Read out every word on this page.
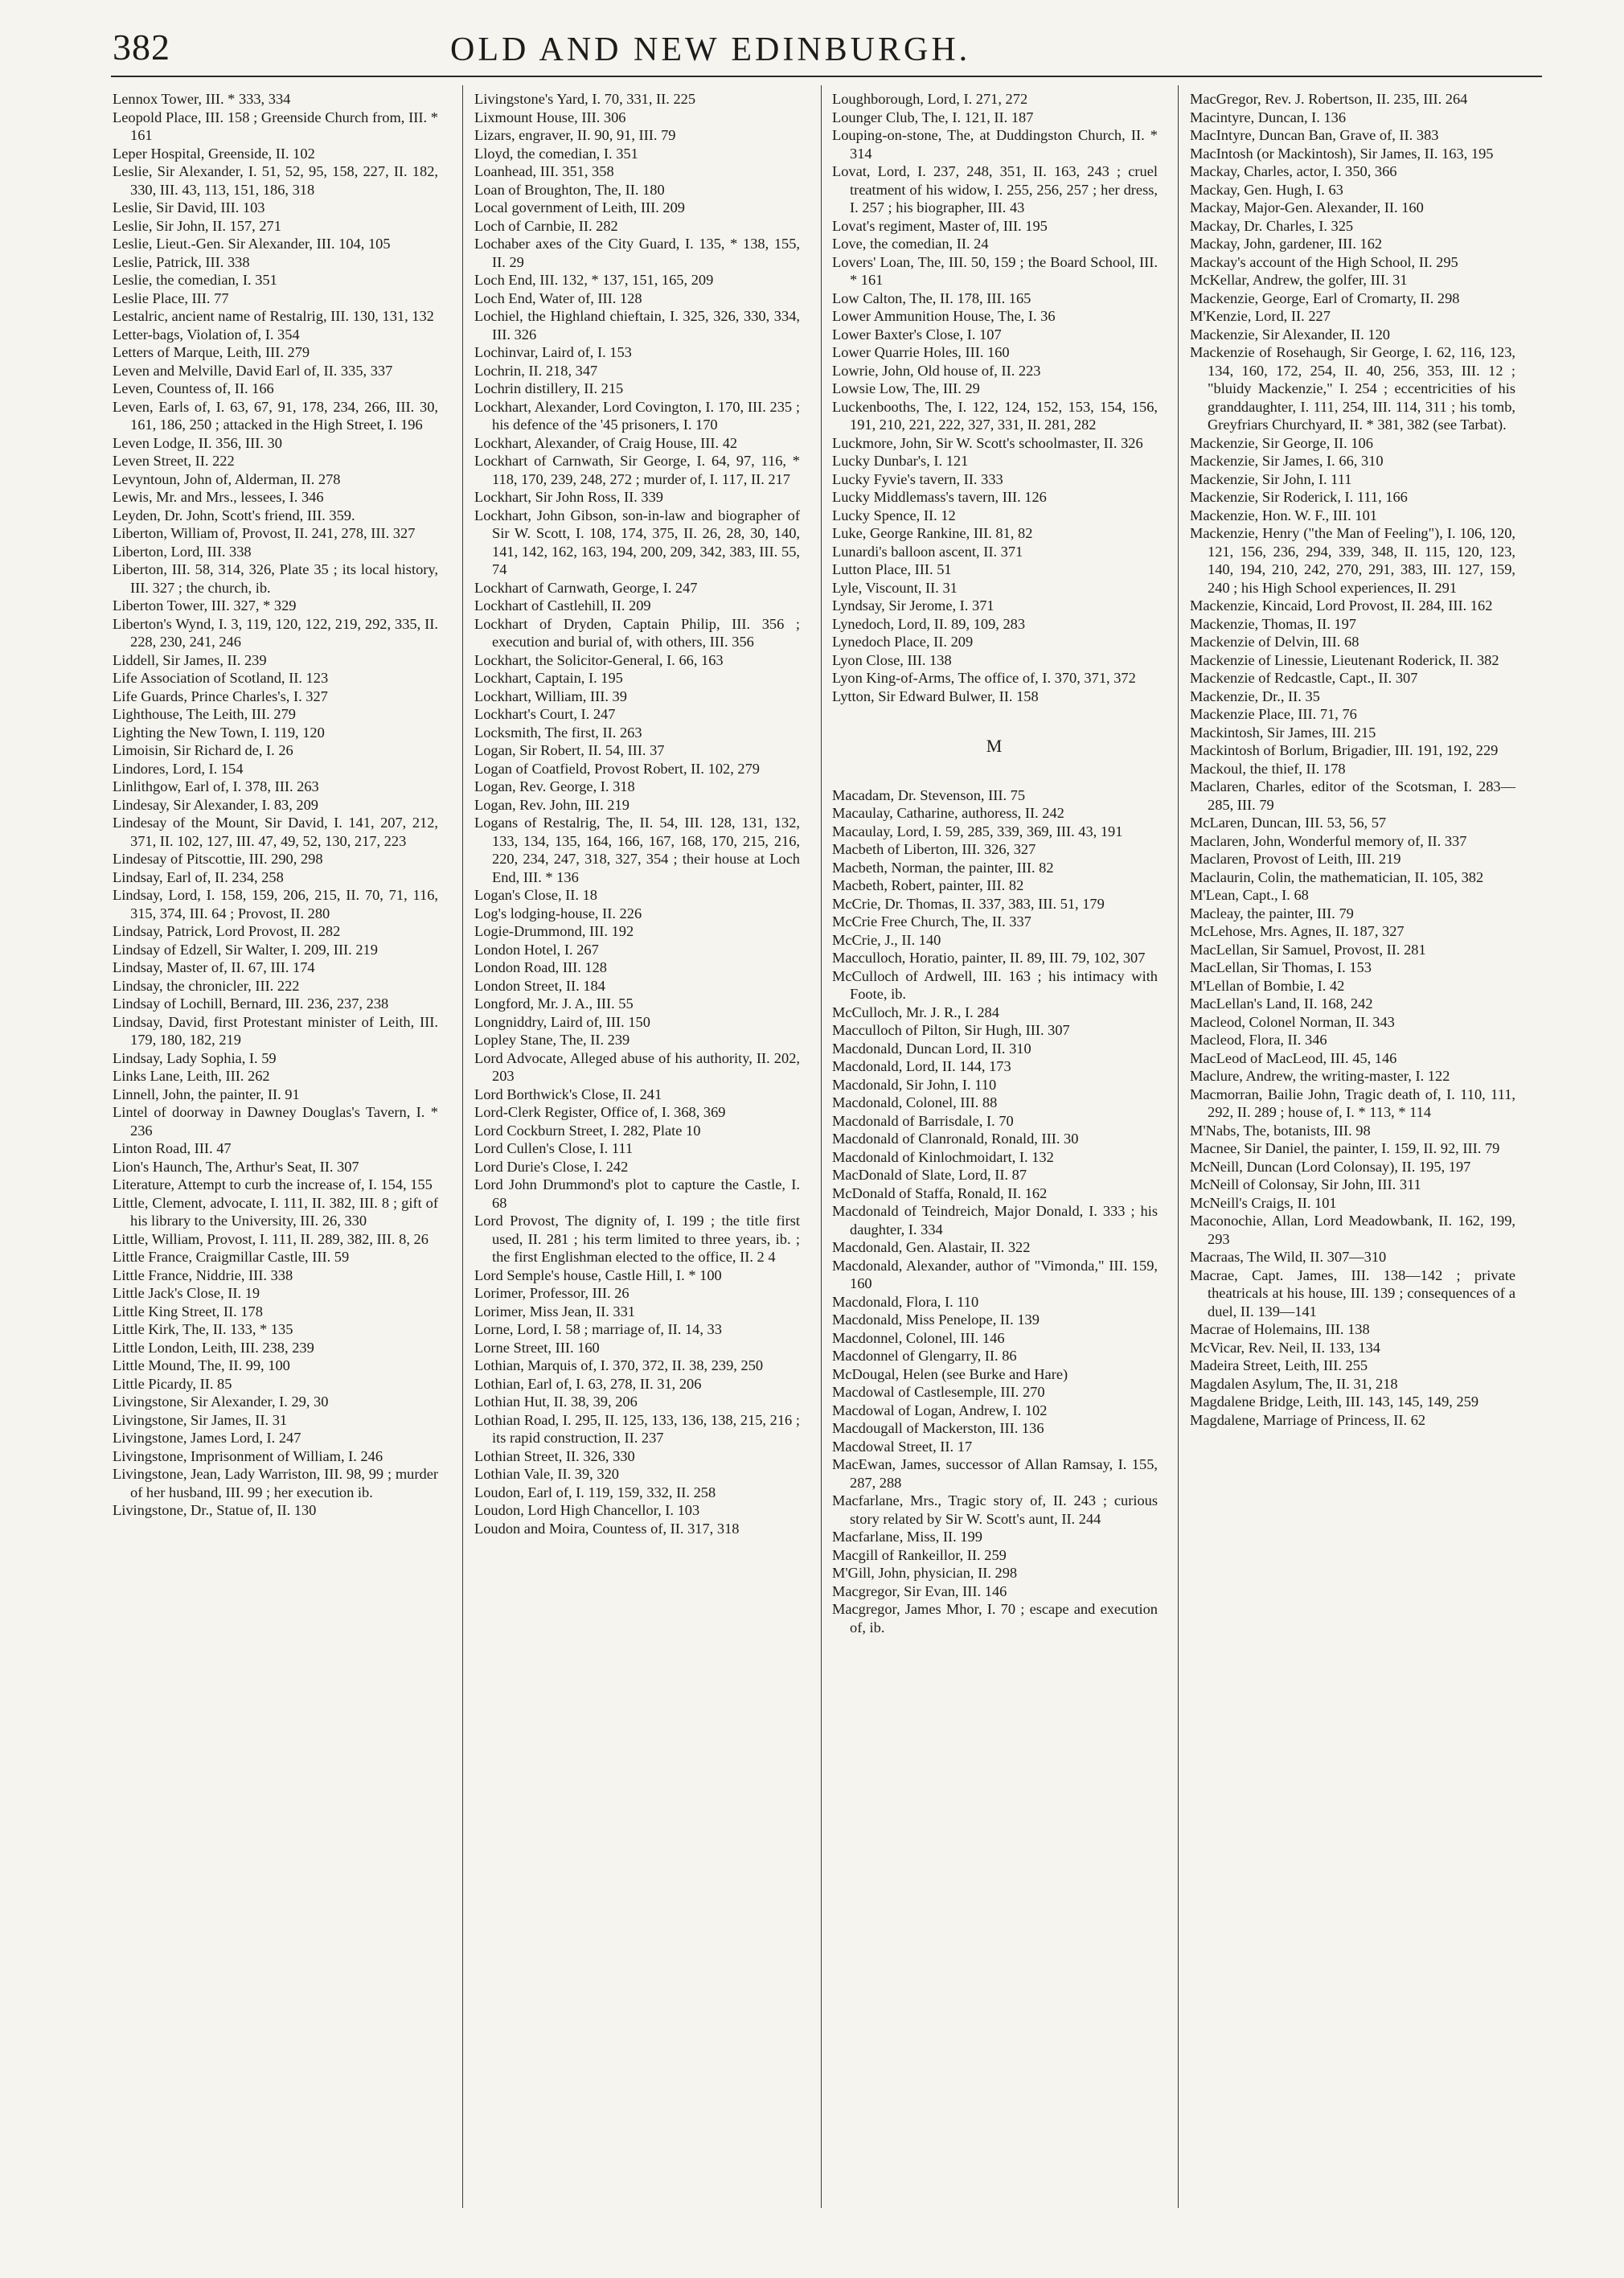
382	OLD AND NEW EDINBURGH.

Lennox Tower, III. * 333, 334

Leopold Place, III. 158 ; Greenside Church from, III. * 161

Leper Hospital, Greenside, II. 102

Leslie, Sir Alexander, I. 51, 52, 95, 158, 227, II. 182, 330, III. 43, 113, 151, 186, 318

Leslie, Sir David, III. 103

Leslie, Sir John, II. 157, 271

Leslie, Lieut.-Gen. Sir Alexander, III. 104, 105

Leslie, Patrick, III. 338

Leslie, the comedian, I. 351

Leslie Place, III. 77

Lestalric, ancient name of Restalrig, III. 130, 131, 132

Letter-bags, Violation of, I. 354

Letters of Marque, Leith, III. 279

Leven and Melville, David Earl of, II. 335, 337

Leven, Countess of, II. 166

Leven, Earls of, I. 63, 67, 91, 178, 234, 266, III. 30, 161, 186, 250 ; attacked in the High Street, I. 196

Leven Lodge, II. 356, III. 30

Leven Street, II. 222

Levyntoun, John of, Alderman, II. 278

Lewis, Mr. and Mrs., lessees, I. 346

Leyden, Dr. John, Scott's friend, III. 359.

Liberton, William of, Provost, II. 241, 278, III. 327

Liberton, Lord, III. 338

Liberton, III. 58, 314, 326, Plate 35 ; its local history, III. 327 ; the church, ib.

Liberton Tower, III. 327, * 329

Liberton's Wynd, I. 3, 119, 120, 122, 219, 292, 335, II. 228, 230, 241, 246

Liddell, Sir James, II. 239

Life Association of Scotland, II. 123

Life Guards, Prince Charles's, I. 327

Lighthouse, The Leith, III. 279

Lighting the New Town, I. 119, 120

Limoisin, Sir Richard de, I. 26

Lindores, Lord, I. 154

Linlithgow, Earl of, I. 378, III. 263

Lindesay, Sir Alexander, I. 83, 209

Lindesay of the Mount, Sir David, I. 141, 207, 212, 371, II. 102, 127, III. 47, 49, 52, 130, 217, 223

Lindesay of Pitscottie, III. 290, 298

Lindsay, Earl of, II. 234, 258

Lindsay, Lord, I. 158, 159, 206, 215, II. 70, 71, 116, 315, 374, III. 64 ; Provost, II. 280

Lindsay, Patrick, Lord Provost, II. 282

Lindsay of Edzell, Sir Walter, I. 209, III. 219

Lindsay, Master of, II. 67, III. 174

Lindsay, the chronicler, III. 222

Lindsay of Lochill, Bernard, III. 236, 237, 238

Lindsay, David, first Protestant minister of Leith, III. 179, 180, 182, 219

Lindsay, Lady Sophia, I. 59

Links Lane, Leith, III. 262

Linnell, John, the painter, II. 91

Lintel of doorway in Dawney Douglas's Tavern, I. * 236

Linton Road, III. 47

Lion's Haunch, The, Arthur's Seat, II. 307

Literature, Attempt to curb the increase of, I. 154, 155

Little, Clement, advocate, I. 111, II. 382, III. 8 ; gift of his library to the University, III. 26, 330

Little, William, Provost, I. 111, II. 289, 382, III. 8, 26

Little France, Craigmillar Castle, III. 59

Little France, Niddrie, III. 338

Little Jack's Close, II. 19

Little King Street, II. 178

Little Kirk, The, II. 133, * 135

Little London, Leith, III. 238, 239

Little Mound, The, II. 99, 100

Little Picardy, II. 85

Livingstone, Sir Alexander, I. 29, 30

Livingstone, Sir James, II. 31

Livingstone, James Lord, I. 247

Livingstone, Imprisonment of William, I. 246

Livingstone, Jean, Lady Warriston, III. 98, 99 ; murder of her husband, III. 99 ; her execution ib.

Livingstone, Dr., Statue of, II. 130

Livingstone's Yard, I. 70, 331, II. 225

Lixmount House, III. 306

Lizars, engraver, II. 90, 91, III. 79

Lloyd, the comedian, I. 351

Loanhead, III. 351, 358

Loan of Broughton, The, II. 180

Local government of Leith, III. 209

Loch of Carnbie, II. 282

Lochaber axes of the City Guard, I. 135, * 138, 155, II. 29

Loch End, III. 132, * 137, 151, 165, 209

Loch End, Water of, III. 128

Lochiel, the Highland chieftain, I. 325, 326, 330, 334, III. 326

Lochinvar, Laird of, I. 153

Lochrin, II. 218, 347

Lochrin distillery, II. 215

Lockhart, Alexander, Lord Covington, I. 170, III. 235 ; his defence of the '45 prisoners, I. 170

Lockhart, Alexander, of Craig House, III. 42

Lockhart of Carnwath, Sir George, I. 64, 97, 116, * 118, 170, 239, 248, 272 ; murder of, I. 117, II. 217

Lockhart, Sir John Ross, II. 339

Lockhart, John Gibson, son-in-law and biographer of Sir W. Scott, I. 108, 174, 375, II. 26, 28, 30, 140, 141, 142, 162, 163, 194, 200, 209, 342, 383, III. 55, 74

Lockhart of Carnwath, George, I. 247

Lockhart of Castlehill, II. 209

Lockhart of Dryden, Captain Philip, III. 356 ; execution and burial of, with others, III. 356

Lockhart, the Solicitor-General, I. 66, 163

Lockhart, Captain, I. 195

Lockhart, William, III. 39

Lockhart's Court, I. 247

Locksmith, The first, II. 263

Logan, Sir Robert, II. 54, III. 37

Logan of Coatfield, Provost Robert, II. 102, 279

Logan, Rev. George, I. 318

Logan, Rev. John, III. 219

Logans of Restalrig, The, II. 54, III. 128, 131, 132, 133, 134, 135, 164, 166, 167, 168, 170, 215, 216, 220, 234, 247, 318, 327, 354 ; their house at Loch End, III. * 136

Logan's Close, II. 18

Log's lodging-house, II. 226

Logie-Drummond, III. 192

London Hotel, I. 267

London Road, III. 128

London Street, II. 184

Longford, Mr. J. A., III. 55

Longniddry, Laird of, III. 150

Lopley Stane, The, II. 239

Lord Advocate, Alleged abuse of his authority, II. 202, 203

Lord Borthwick's Close, II. 241

Lord-Clerk Register, Office of, I. 368, 369

Lord Cockburn Street, I. 282, Plate 10

Lord Cullen's Close, I. 111

Lord Durie's Close, I. 242

Lord John Drummond's plot to capture the Castle, I. 68

Lord Provost, The dignity of, I. 199 ; the title first used, II. 281 ; his term limited to three years, ib. ; the first Englishman elected to the office, II. 2 4

Lord Semple's house, Castle Hill, I. * 100

Lorimer, Professor, III. 26

Lorimer, Miss Jean, II. 331

Lorne, Lord, I. 58 ; marriage of, II. 14, 33

Lorne Street, III. 160

Lothian, Marquis of, I. 370, 372, II. 38, 239, 250

Lothian, Earl of, I. 63, 278, II. 31, 206

Lothian Hut, II. 38, 39, 206

Lothian Road, I. 295, II. 125, 133, 136, 138, 215, 216 ; its rapid construction, II. 237

Lothian Street, II. 326, 330

Lothian Vale, II. 39, 320

Loudon, Earl of, I. 119, 159, 332, II. 258

Loudon, Lord High Chancellor, I. 103

Loudon and Moira, Countess of, II. 317, 318

Loughborough, Lord, I. 271, 272

Lounger Club, The, I. 121, II. 187

Louping-on-stone, The, at Duddingston Church, II. * 314

Lovat, Lord, I. 237, 248, 351, II. 163, 243 ; cruel treatment of his widow, I. 255, 256, 257 ; her dress, I. 257 ; his biographer, III. 43

Lovat's regiment, Master of, III. 195

Love, the comedian, II. 24

Lovers' Loan, The, III. 50, 159 ; the Board School, III. * 161

Low Calton, The, II. 178, III. 165

Lower Ammunition House, The, I. 36

Lower Baxter's Close, I. 107

Lower Quarrie Holes, III. 160

Lowrie, John, Old house of, II. 223

Lowsie Low, The, III. 29

Luckenbooths, The, I. 122, 124, 152, 153, 154, 156, 191, 210, 221, 222, 327, 331, II. 281, 282

Luckmore, John, Sir W. Scott's schoolmaster, II. 326

Lucky Dunbar's, I. 121

Lucky Fyvie's tavern, II. 333

Lucky Middlemass's tavern, III. 126

Lucky Spence, II. 12

Luke, George Rankine, III. 81, 82

Lunardi's balloon ascent, II. 371

Lutton Place, III. 51

Lyle, Viscount, II. 31

Lyndsay, Sir Jerome, I. 371

Lynedoch, Lord, II. 89, 109, 283

Lynedoch Place, II. 209

Lyon Close, III. 138

Lyon King-of-Arms, The office of, I. 370, 371, 372

Lytton, Sir Edward Bulwer, II. 158

M

Macadam, Dr. Stevenson, III. 75

Macaulay, Catharine, authoress, II. 242

Macaulay, Lord, I. 59, 285, 339, 369, III. 43, 191

Macbeth of Liberton, III. 326, 327

Macbeth, Norman, the painter, III. 82

Macbeth, Robert, painter, III. 82

McCrie, Dr. Thomas, II. 337, 383, III. 51, 179

McCrie Free Church, The, II. 337

McCrie, J., II. 140

Macculloch, Horatio, painter, II. 89, III. 79, 102, 307

McCulloch of Ardwell, III. 163 ; his intimacy with Foote, ib.

McCulloch, Mr. J. R., I. 284

Macculloch of Pilton, Sir Hugh, III. 307

Macdonald, Duncan Lord, II. 310

Macdonald, Lord, II. 144, 173

Macdonald, Sir John, I. 110

Macdonald, Colonel, III. 88

Macdonald of Barrisdale, I. 70

Macdonald of Clanronald, Ronald, III. 30

Macdonald of Kinlochmoidart, I. 132

MacDonald of Slate, Lord, II. 87

McDonald of Staffa, Ronald, II. 162

Macdonald of Teindreich, Major Donald, I. 333 ; his daughter, I. 334

Macdonald, Gen. Alastair, II. 322

Macdonald, Alexander, author of "Vimonda," III. 159, 160

Macdonald, Flora, I. 110

Macdonald, Miss Penelope, II. 139

Macdonnel, Colonel, III. 146

Macdonnel of Glengarry, II. 86

McDougal, Helen (see Burke and Hare)

Macdowal of Castlesemple, III. 270

Macdowal of Logan, Andrew, I. 102

Macdougall of Mackerston, III. 136

Macdowal Street, II. 17

MacEwan, James, successor of Allan Ramsay, I. 155, 287, 288

Macfarlane, Mrs., Tragic story of, II. 243 ; curious story related by Sir W. Scott's aunt, II. 244

Macfarlane, Miss, II. 199

Macgill of Rankeillor, II. 259

M'Gill, John, physician, II. 298

Macgregor, Sir Evan, III. 146

Macgregor, James Mhor, I. 70 ; escape and execution of, ib.

MacGregor, Rev. J. Robertson, II. 235, III. 264

Macintyre, Duncan, I. 136

MacIntyre, Duncan Ban, Grave of, II. 383

MacIntosh (or Mackintosh), Sir James, II. 163, 195

Mackay, Charles, actor, I. 350, 366

Mackay, Gen. Hugh, I. 63

Mackay, Major-Gen. Alexander, II. 160

Mackay, Dr. Charles, I. 325

Mackay, John, gardener, III. 162

Mackay's account of the High School, II. 295

McKellar, Andrew, the golfer, III. 31

Mackenzie, George, Earl of Cromarty, II. 298

M'Kenzie, Lord, II. 227

Mackenzie, Sir Alexander, II. 120

Mackenzie of Rosehaugh, Sir George, I. 62, 116, 123, 134, 160, 172, 254, II. 40, 256, 353, III. 12 ; "bluidy Mackenzie," I. 254 ; eccentricities of his granddaughter, I. 111, 254, III. 114, 311 ; his tomb, Greyfriars Churchyard, II. * 381, 382 (see Tarbat).

Mackenzie, Sir George, II. 106

Mackenzie, Sir James, I. 66, 310

Mackenzie, Sir John, I. 111

Mackenzie, Sir Roderick, I. 111, 166

Mackenzie, Hon. W. F., III. 101

Mackenzie, Henry ("the Man of Feeling"), I. 106, 120, 121, 156, 236, 294, 339, 348, II. 115, 120, 123, 140, 194, 210, 242, 270, 291, 383, III. 127, 159, 240 ; his High School experiences, II. 291

Mackenzie, Kincaid, Lord Provost, II. 284, III. 162

Mackenzie, Thomas, II. 197

Mackenzie of Delvin, III. 68

Mackenzie of Linessie, Lieutenant Roderick, II. 382

Mackenzie of Redcastle, Capt., II. 307

Mackenzie, Dr., II. 35

Mackenzie Place, III. 71, 76

Mackintosh, Sir James, III. 215

Mackintosh of Borlum, Brigadier, III. 191, 192, 229

Mackoul, the thief, II. 178

Maclaren, Charles, editor of the Scotsman, I. 283—285, III. 79

McLaren, Duncan, III. 53, 56, 57

Maclaren, John, Wonderful memory of, II. 337

Maclaren, Provost of Leith, III. 219

Maclaurin, Colin, the mathematician, II. 105, 382

M'Lean, Capt., I. 68

Macleay, the painter, III. 79

McLehose, Mrs. Agnes, II. 187, 327

MacLellan, Sir Samuel, Provost, II. 281

MacLellan, Sir Thomas, I. 153

M'Lellan of Bombie, I. 42

MacLellan's Land, II. 168, 242

Macleod, Colonel Norman, II. 343

Macleod, Flora, II. 346

MacLeod of MacLeod, III. 45, 146

Maclure, Andrew, the writing-master, I. 122

Macmorran, Bailie John, Tragic death of, I. 110, 111, 292, II. 289 ; house of, I. * 113, * 114

M'Nabs, The, botanists, III. 98

Macnee, Sir Daniel, the painter, I. 159, II. 92, III. 79

McNeill, Duncan (Lord Colonsay), II. 195, 197

McNeill of Colonsay, Sir John, III. 311

McNeill's Craigs, II. 101

Maconochie, Allan, Lord Meadowbank, II. 162, 199, 293

Macraas, The Wild, II. 307—310

Macrae, Capt. James, III. 138—142 ; private theatricals at his house, III. 139 ; consequences of a duel, II. 139—141

Macrae of Holemains, III. 138

McVicar, Rev. Neil, II. 133, 134

Madeira Street, Leith, III. 255

Magdalen Asylum, The, II. 31, 218

Magdalene Bridge, Leith, III. 143, 145, 149, 259

Magdalene, Marriage of Princess, II. 62
